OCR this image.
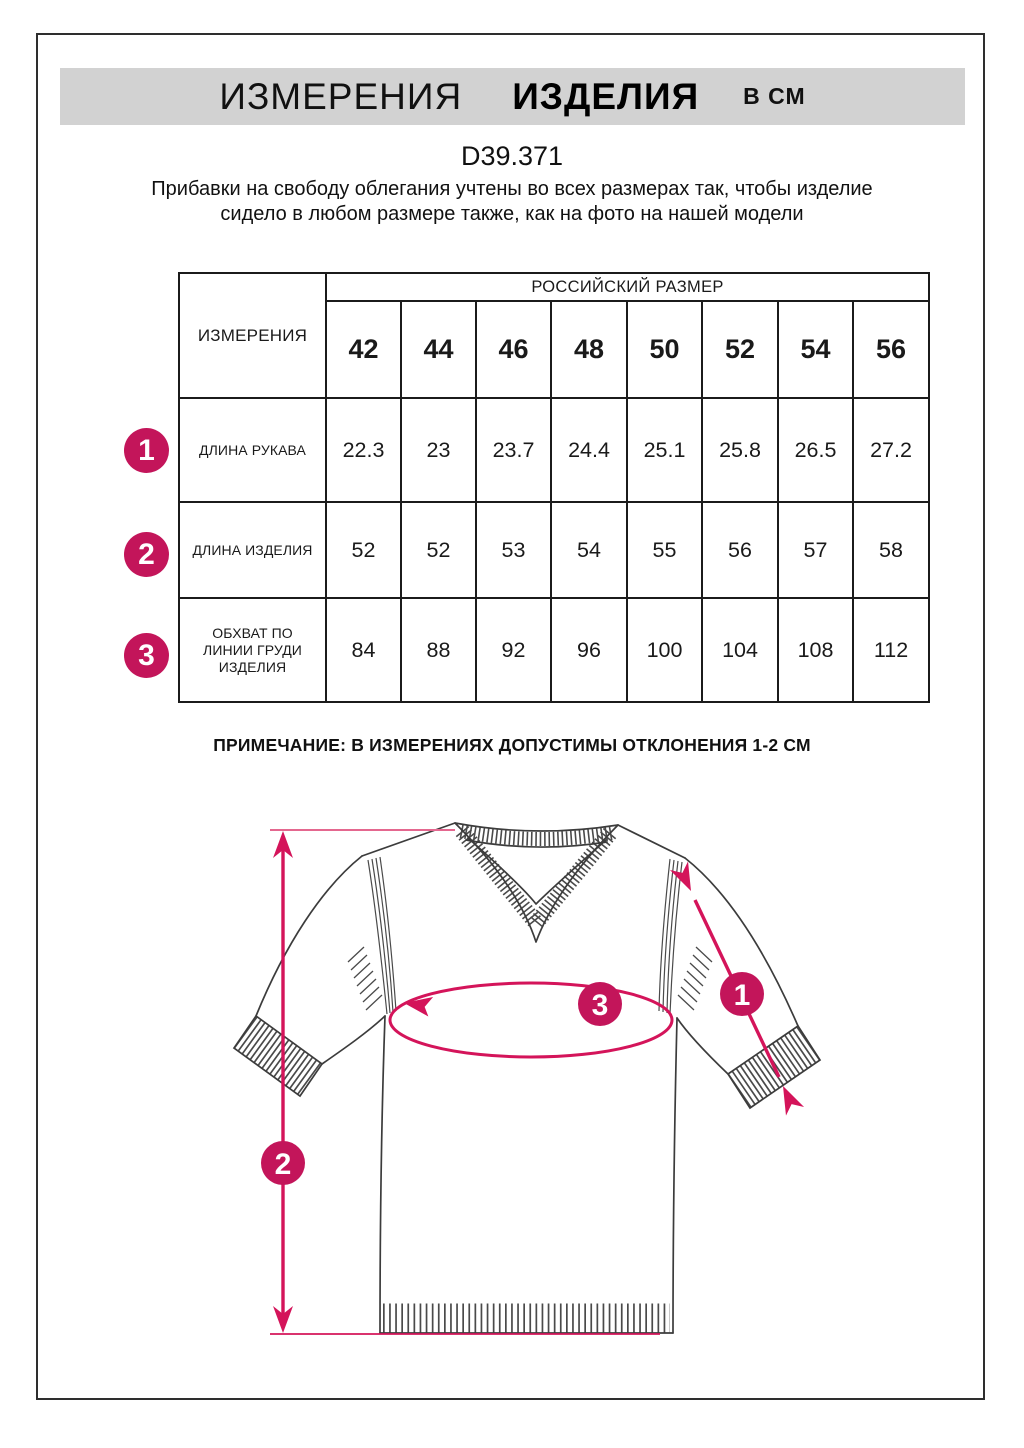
ИЗМЕРЕНИЯ ИЗДЕЛИЯ В СМ
D39.371
Прибавки на свободу облегания учтены во всех размерах так, чтобы изделие сидело в любом размере также, как на фото на нашей модели
ИЗМЕРЕНИЯ	РОССИЙСКИЙ РАЗМЕР							
	42	44	46	48	50	52	54	56
ДЛИНА РУКАВА	22.3	23	23.7	24.4	25.1	25.8	26.5	27.2
ДЛИНА ИЗДЕЛИЯ	52	52	53	54	55	56	57	58
ОБХВАТ ПО ЛИНИИ ГРУДИ ИЗДЕЛИЯ	84	88	92	96	100	104	108	112
1
2
3
ПРИМЕЧАНИЕ: В ИЗМЕРЕНИЯХ ДОПУСТИМЫ ОТКЛОНЕНИЯ 1-2 СМ
1
2
3
